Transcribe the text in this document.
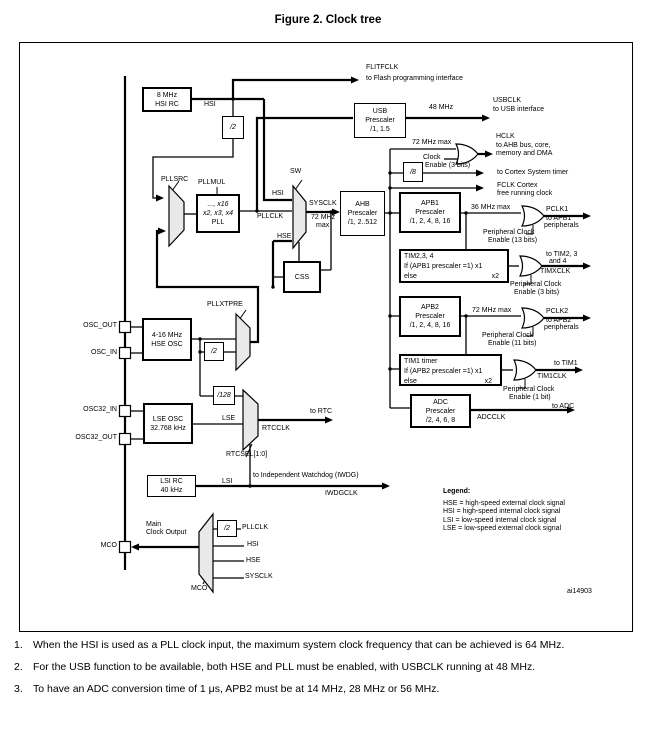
Figure 2. Clock tree
8 MHz
HSI RC
/2
..., x16
x2, x3, x4
PLL
USB
Prescaler
/1, 1.5
AHB
Prescaler
/1, 2..512
APB1
Prescaler
/1, 2, 4, 8, 16
TIM2,3, 4
If (APB1 prescaler =1) x1
else	x2
APB2
Prescaler
/1, 2, 4, 8, 16
TIM1 timer
If (APB2 prescaler =1) x1
else	x2
ADC
Prescaler
/2, 4, 6, 8
CSS
4-16 MHz
HSE OSC
/2
/128
LSE OSC
32.768 kHz
LSI RC
40 kHz
/8
/2
FLITFCLK
to Flash programming interface
HSI	48 MHz
USBCLK
to USB interface
72 MHz max
HCLK
to AHB bus, core,
memory and DMA
Clock
Enable (3 bits)
to Cortex System timer
FCLK Cortex
free running clock
PLLSRC PLLMUL
SW
HSI
PLLCLK
HSE
SYSCLK
72 MHz
max
36 MHz max	PCLK1
to APB1
peripherals
Peripheral Clock
Enable (13 bits)
to TIM2, 3
and 4
TIMXCLK
Peripheral Clock
Enable (3 bits)
72 MHz max	PCLK2
to APB2
peripherals
Peripheral Clock
Enable (11 bits)
to TIM1
TIM1CLK
Peripheral Clock
Enable (1 bit)
to ADC
ADCCLK
PLLXTPRE
LSE
to RTC
RTCCLK
RTCSEL[1:0]
LSI
to Independent Watchdog (IWDG)
IWDGCLK
Main
Clock Output
PLLCLK
HSI
HSE
SYSCLK
MCO	ai14903
OSC_OUT
OSC_IN
OSC32_IN
OSC32_OUT
MCO
Legend:
HSE = high-speed external clock signal
HSI = high-speed internal clock signal
LSI = low-speed internal clock signal
LSE = low-speed external clock signal
1. When the HSI is used as a PLL clock input, the maximum system clock frequency that can be achieved is 64 MHz.
2. For the USB function to be available, both HSE and PLL must be enabled, with USBCLK running at 48 MHz.
3. To have an ADC conversion time of 1 μs, APB2 must be at 14 MHz, 28 MHz or 56 MHz.
